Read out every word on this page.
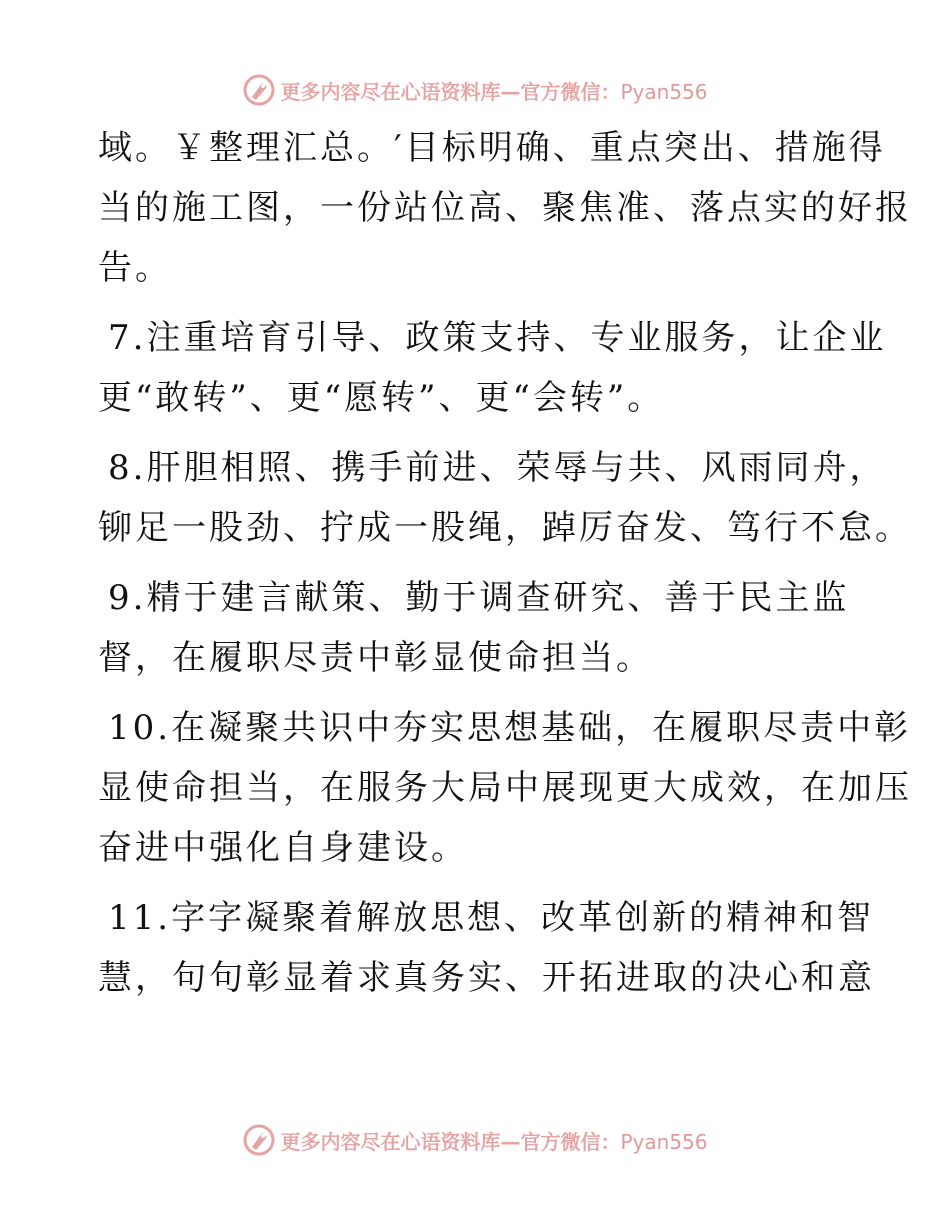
更多内容尽在心语资料库—官方微信：Pyan556

域。￥整理汇总。′目标明确、重点突出、措施得
当的施工图，一份站位高、聚焦准、落点实的好报
告。

7.注重培育引导、政策支持、专业服务，让企业
更“敢转”、更“愿转”、更“会转”。

8.肝胆相照、携手前进、荣辱与共、风雨同舟，
铆足一股劲、拧成一股绳，踔厉奋发、笃行不怠。

9.精于建言献策、勤于调查研究、善于民主监
督，在履职尽责中彰显使命担当。

10.在凝聚共识中夯实思想基础，在履职尽责中彰
显使命担当，在服务大局中展现更大成效，在加压
奋进中强化自身建设。

11.字字凝聚着解放思想、改革创新的精神和智
慧，句句彰显着求真务实、开拓进取的决心和意

更多内容尽在心语资料库—官方微信：Pyan556
